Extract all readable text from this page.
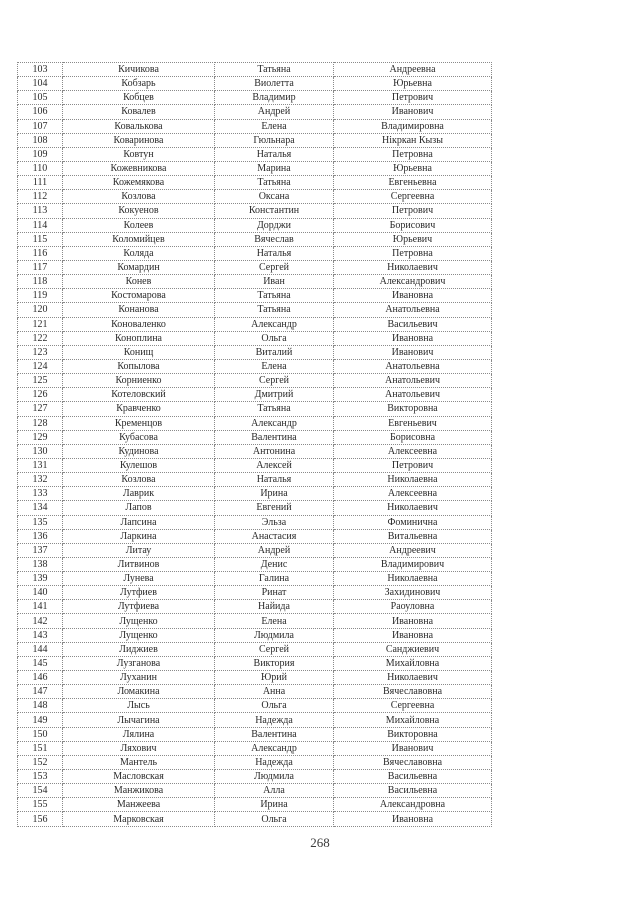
103	Кичикова	Татьяна	Андреевна
104	Кобзарь	Виолетта	Юрьевна
105	Кобцев	Владимир	Петрович
106	Ковалев	Андрей	Иванович
107	Ковалькова	Елена	Владимировна
108	Коваринова	Гюльнара	Нікркан Кызы
109	Ковтун	Наталья	Петровна
110	Кожевникова	Марина	Юрьевна
111	Кожемякова	Татьяна	Евгеньевна
112	Козлова	Оксана	Сергеевна
113	Кокуенов	Константин	Петрович
114	Колеев	Дорджи	Борисович
115	Коломийцев	Вячеслав	Юрьевич
116	Коляда	Наталья	Петровна
117	Комардин	Сергей	Николаевич
118	Конев	Иван	Александрович
119	Костомарова	Татьяна	Ивановна
120	Конанова	Татьяна	Анатольевна
121	Коноваленко	Александр	Васильевич
122	Коноплина	Ольга	Ивановна
123	Конищ	Виталий	Иванович
124	Копылова	Елена	Анатольевна
125	Корниенко	Сергей	Анатольевич
126	Котеловский	Дмитрий	Анатольевич
127	Кравченко	Татьяна	Викторовна
128	Кременцов	Александр	Евгеньевич
129	Кубасова	Валентина	Борисовна
130	Кудинова	Антонина	Алексеевна
131	Кулешов	Алексей	Петрович
132	Козлова	Наталья	Николаевна
133	Лаврик	Ирина	Алексеевна
134	Лапов	Евгений	Николаевич
135	Лапсина	Эльза	Фоминична
136	Ларкина	Анастасия	Витальевна
137	Литау	Андрей	Андреевич
138	Литвинов	Денис	Владимирович
139	Лунева	Галина	Николаевна
140	Лутфиев	Ринат	Захидинович
141	Лутфиева	Найида	Раоуловна
142	Лущенко	Елена	Ивановна
143	Лущенко	Людмила	Ивановна
144	Лиджиев	Сергей	Санджиевич
145	Лузганова	Виктория	Михайловна
146	Луханин	Юрий	Николаевич
147	Ломакина	Анна	Вячеславовна
148	Лысь	Ольга	Сергеевна
149	Лычагина	Надежда	Михайловна
150	Лялина	Валентина	Викторовна
151	Ляхович	Александр	Иванович
152	Мантель	Надежда	Вячеславовна
153	Масловская	Людмила	Васильевна
154	Манжикова	Алла	Васильевна
155	Манжеева	Ирина	Александровна
156	Марковская	Ольга	Ивановна
268
